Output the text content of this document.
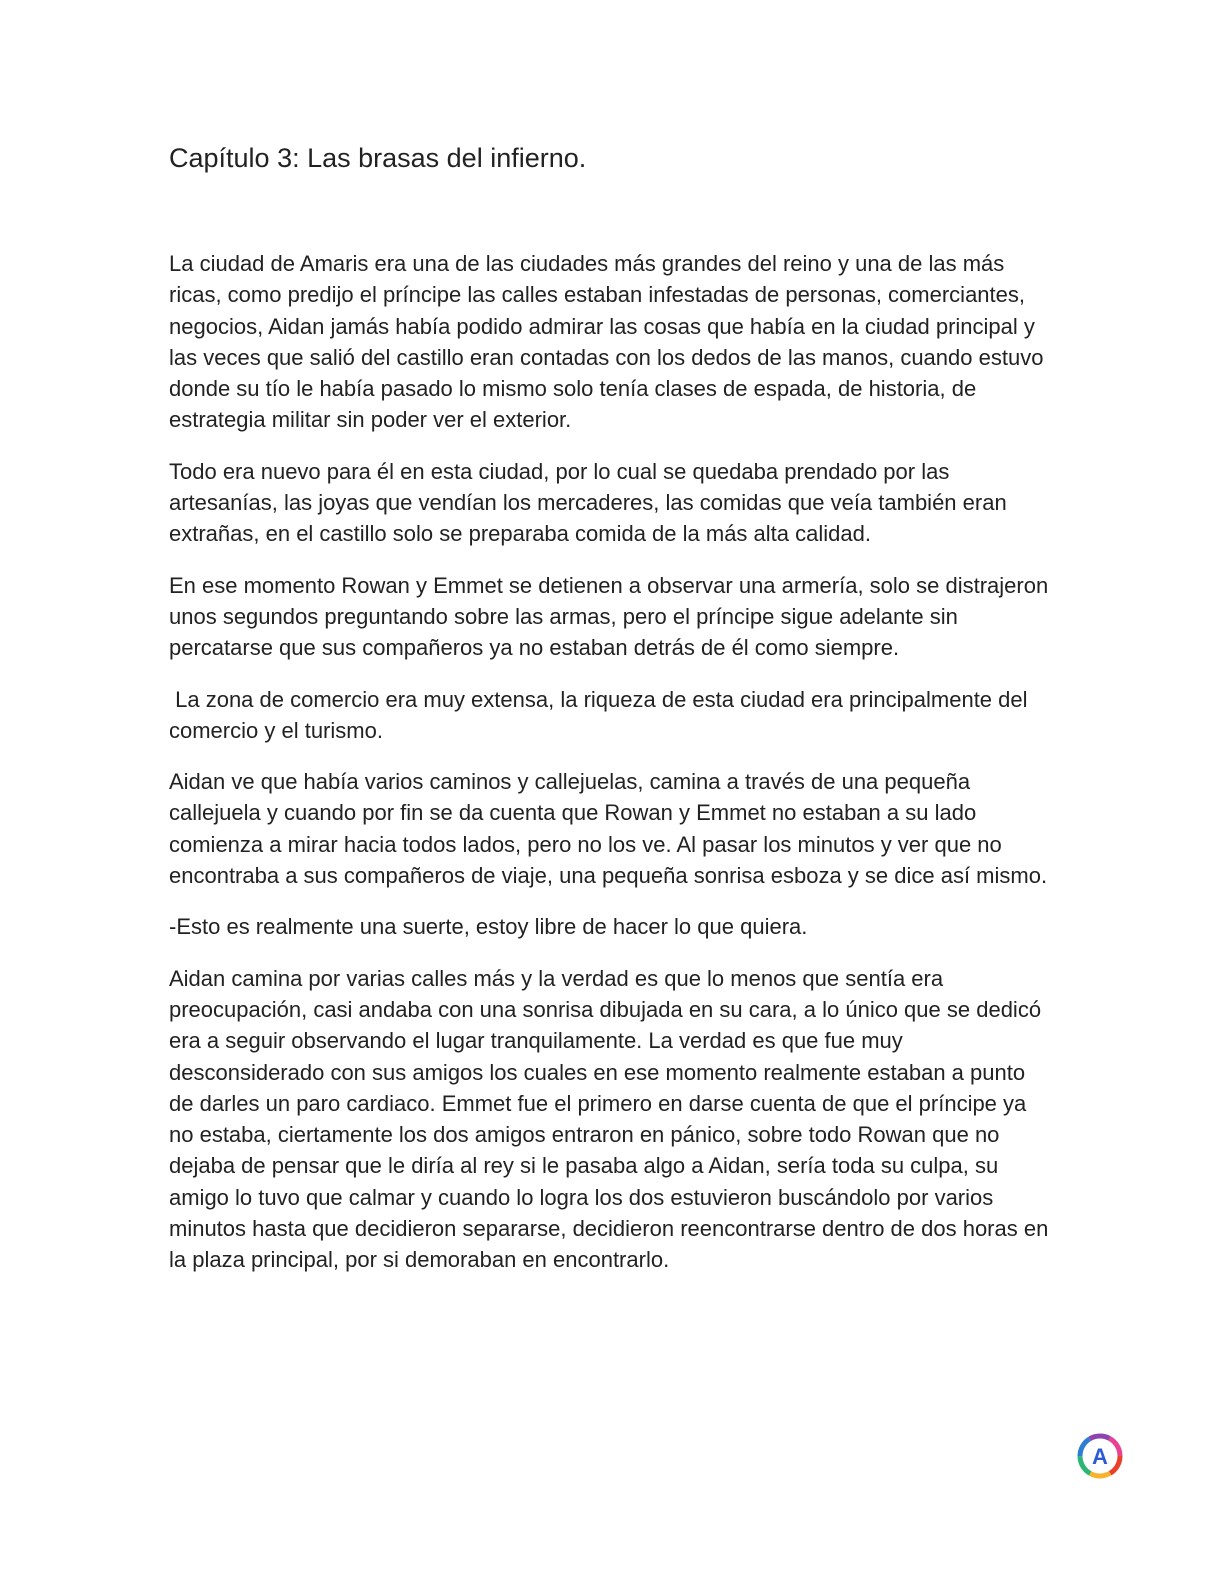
Capítulo 3: Las brasas del infierno.

La ciudad de Amaris era una de las ciudades más grandes del reino y una de las más ricas, como predijo el príncipe las calles estaban infestadas de personas, comerciantes, negocios, Aidan jamás había podido admirar las cosas que había en la ciudad principal y las veces que salió del castillo eran contadas con los dedos de las manos, cuando estuvo donde su tío le había pasado lo mismo solo tenía clases de espada, de historia, de estrategia militar sin poder ver el exterior.

Todo era nuevo para él en esta ciudad, por lo cual se quedaba prendado por las artesanías, las joyas que vendían los mercaderes, las comidas que veía también eran extrañas, en el castillo solo se preparaba comida de la más alta calidad.

En ese momento Rowan y Emmet se detienen a observar una armería, solo se distrajeron unos segundos preguntando sobre las armas, pero el príncipe sigue adelante sin percatarse que sus compañeros ya no estaban detrás de él como siempre.

La zona de comercio era muy extensa, la riqueza de esta ciudad era principalmente del comercio y el turismo.

Aidan ve que había varios caminos y callejuelas, camina a través de una pequeña callejuela y cuando por fin se da cuenta que Rowan y Emmet no estaban a su lado comienza a mirar hacia todos lados, pero no los ve. Al pasar los minutos y ver que no encontraba a sus compañeros de viaje, una pequeña sonrisa esboza y se dice así mismo.

-Esto es realmente una suerte, estoy libre de hacer lo que quiera.

Aidan camina por varias calles más y la verdad es que lo menos que sentía era preocupación, casi andaba con una sonrisa dibujada en su cara, a lo único que se dedicó era a seguir observando el lugar tranquilamente. La verdad es que fue muy desconsiderado con sus amigos los cuales en ese momento realmente estaban a punto de darles un paro cardiaco. Emmet fue el primero en darse cuenta de que el príncipe ya no estaba, ciertamente los dos amigos entraron en pánico, sobre todo Rowan que no dejaba de pensar que le diría al rey si le pasaba algo a Aidan, sería toda su culpa, su amigo lo tuvo que calmar y cuando lo logra los dos estuvieron buscándolo por varios minutos hasta que decidieron separarse, decidieron reencontrarse dentro de dos horas en la plaza principal, por si demoraban en encontrarlo.

A
